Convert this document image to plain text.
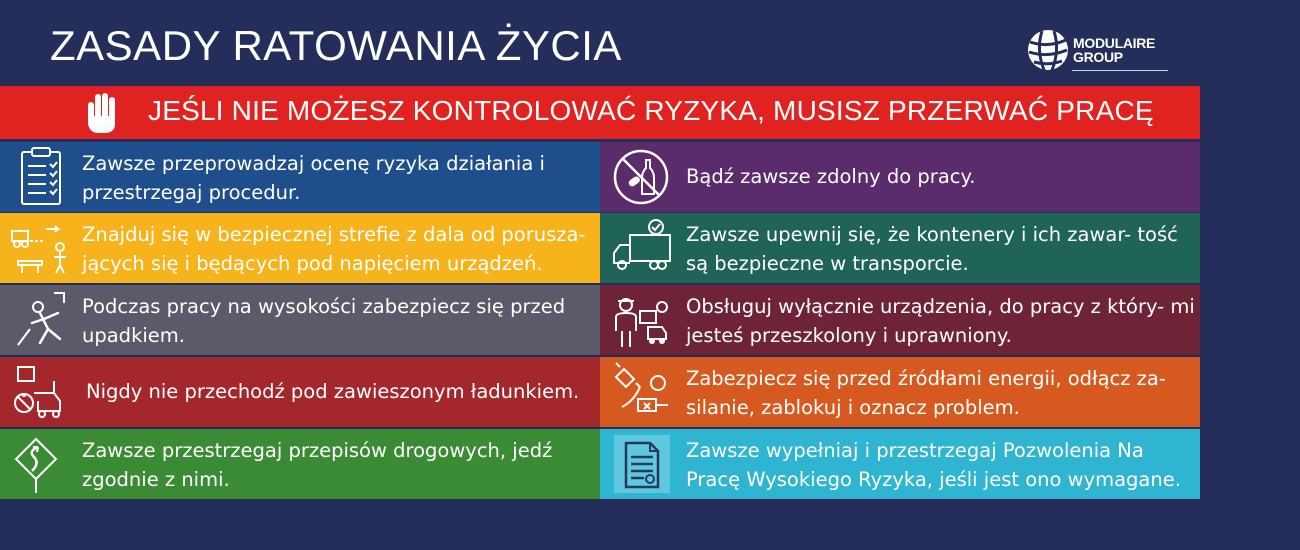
ZASADY RATOWANIA ŻYCIA	MODULAIRE
GROUP
JEŚLI NIE MOŻESZ KONTROLOWAĆ RYZYKA, MUSISZ PRZERWAĆ PRACĘ
Zawsze przeprowadzaj ocenę ryzyka działania i przestrzegaj procedur.
Znajduj się w bezpiecznej strefie z dala od porusza- jących się i będących pod napięciem urządzeń.
Podczas pracy na wysokości zabezpiecz się przed upadkiem.
Nigdy nie przechodź pod zawieszonym ładunkiem.
Zawsze przestrzegaj przepisów drogowych, jedź zgodnie z nimi.
Bądź zawsze zdolny do pracy.
Zawsze upewnij się, że kontenery i ich zawar- tość są bezpieczne w transporcie.
Obsługuj wyłącznie urządzenia, do pracy z który- mi jesteś przeszkolony i uprawniony.
Zabezpiecz się przed źródłami energii, odłącz za- silanie, zablokuj i oznacz problem.
Zawsze wypełniaj i przestrzegaj Pozwolenia Na Pracę Wysokiego Ryzyka, jeśli jest ono wymagane.
